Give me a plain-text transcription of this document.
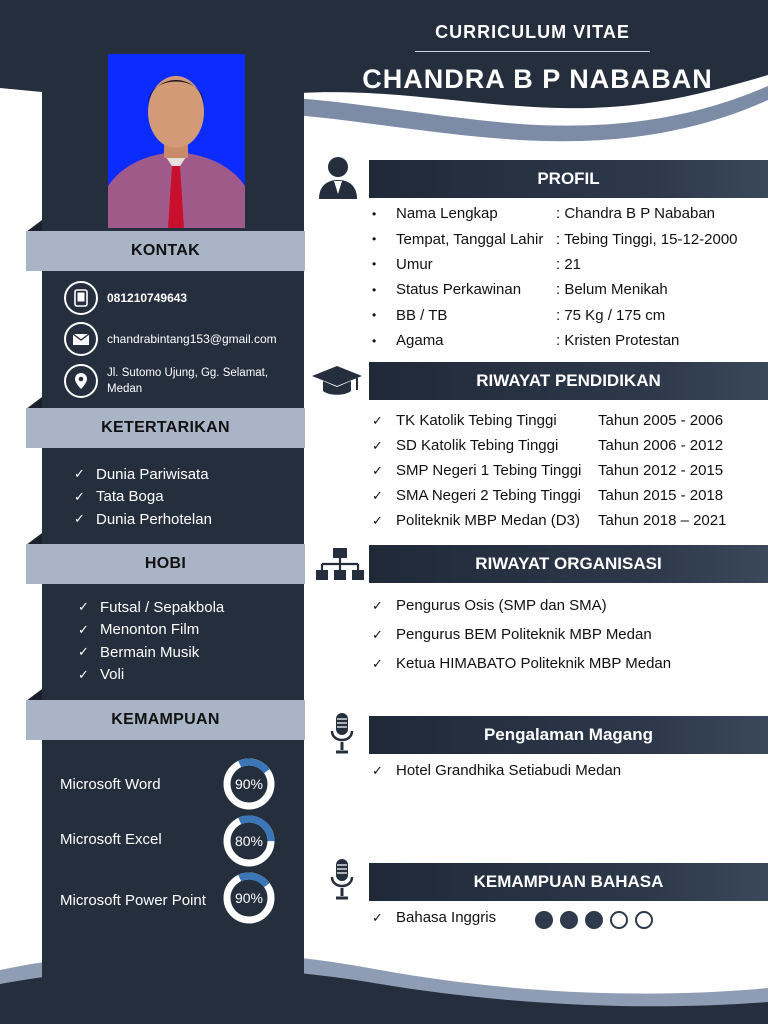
CURRICULUM VITAE
CHANDRA B P NABABAN
KONTAK
081210749643
chandrabintang153@gmail.com
Jl. Sutomo Ujung, Gg. Selamat, Medan
KETERTARIKAN
✓ Dunia Pariwisata
✓ Tata Boga
✓ Dunia Perhotelan
HOBI
✓ Futsal / Sepakbola
✓ Menonton Film
✓ Bermain Musik
✓ Voli
KEMAMPUAN
Microsoft Word	90%
Microsoft Excel	80%
Microsoft Power Point	90%
PROFIL
•	Nama Lengkap	: Chandra B P Nababan
•	Tempat, Tanggal Lahir : Tebing Tinggi, 15-12-2000
•	Umur	: 21
•	Status Perkawinan	: Belum Menikah
•	BB / TB	: 75 Kg / 175 cm
•	Agama	: Kristen Protestan
RIWAYAT PENDIDIKAN
✓ TK Katolik Tebing Tinggi	Tahun 2005 - 2006
✓ SD Katolik Tebing Tinggi	Tahun 2006 - 2012
✓ SMP Negeri 1 Tebing Tinggi	Tahun 2012 - 2015
✓ SMA Negeri 2 Tebing Tinggi	Tahun 2015 - 2018
✓ Politeknik MBP Medan (D3)	Tahun 2018 – 2021
RIWAYAT ORGANISASI
✓ Pengurus Osis (SMP dan SMA)
✓ Pengurus BEM Politeknik MBP Medan
✓ Ketua HIMABATO Politeknik MBP Medan
Pengalaman Magang
✓ Hotel Grandhika Setiabudi Medan
KEMAMPUAN BAHASA
✓ Bahasa Inggris
